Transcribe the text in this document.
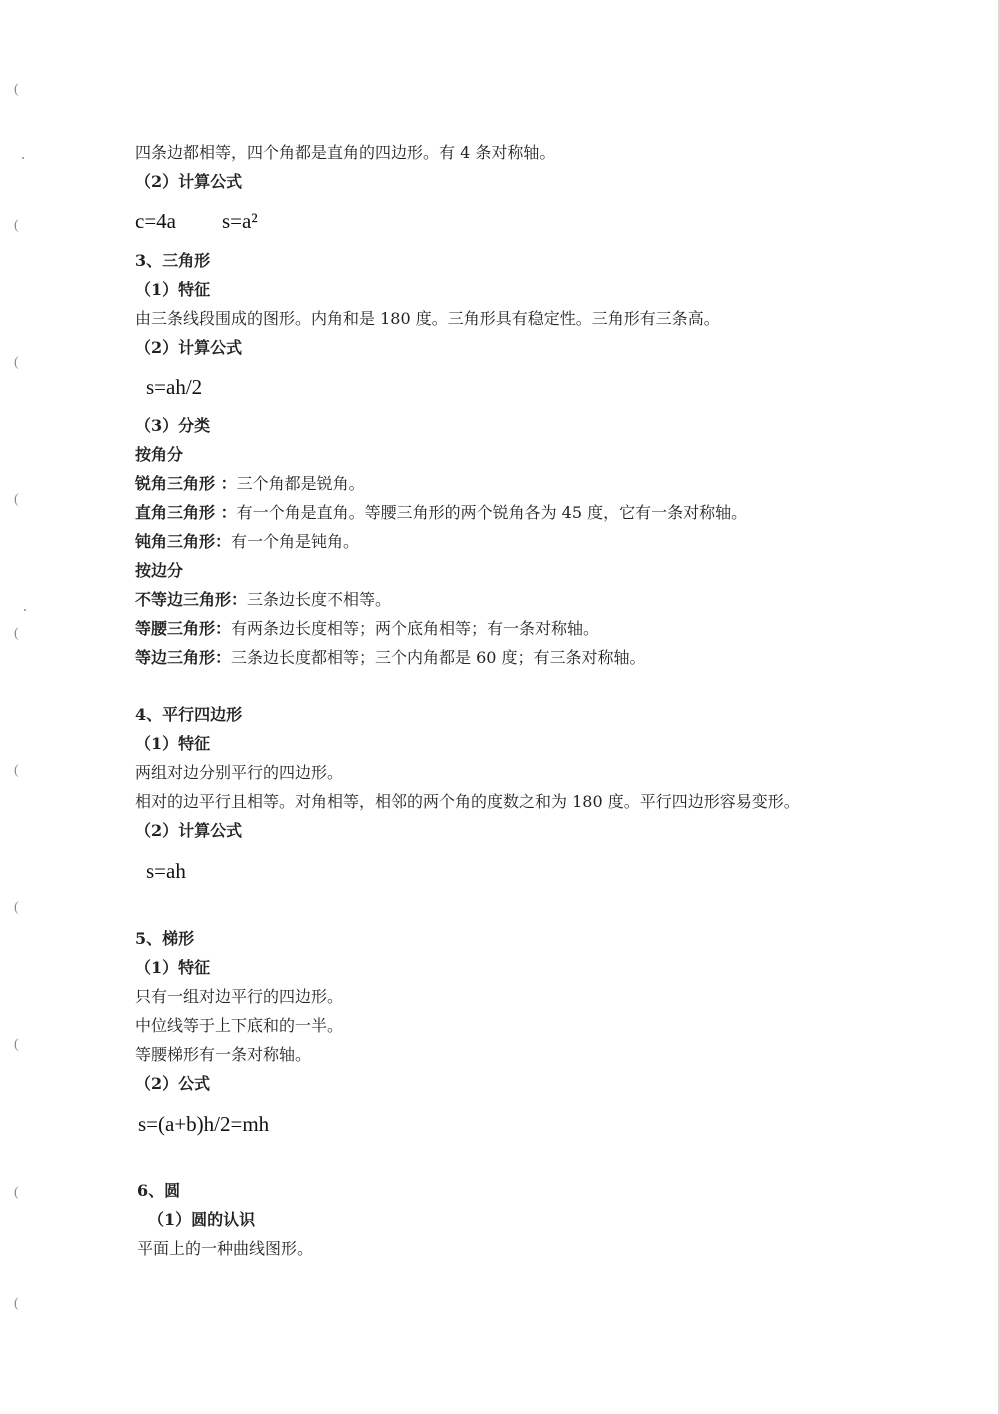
(
(
(
(
(
(
(
(
(
(
四条边都相等，四个角都是直角的四边形。有 4 条对称轴。
（2）计算公式
c=4a s=a²
3、三角形
（1）特征
由三条线段围成的图形。内角和是 180 度。三角形具有稳定性。三角形有三条高。
（2）计算公式
s=ah/2
（3）分类
按角分
锐角三角形 ：三个角都是锐角。
直角三角形 ：有一个角是直角。等腰三角形的两个锐角各为 45 度，它有一条对称轴。
钝角三角形：有一个角是钝角。
按边分
不等边三角形：三条边长度不相等。
等腰三角形：有两条边长度相等；两个底角相等；有一条对称轴。
等边三角形：三条边长度都相等；三个内角都是 60 度；有三条对称轴。
4、平行四边形
（1）特征
两组对边分别平行的四边形。
相对的边平行且相等。对角相等，相邻的两个角的度数之和为 180 度。平行四边形容易变形。
（2）计算公式
s=ah
5、梯形
（1）特征
只有一组对边平行的四边形。
中位线等于上下底和的一半。
等腰梯形有一条对称轴。
（2）公式
s=(a+b)h/2=mh
6、圆
（1）圆的认识
平面上的一种曲线图形。
